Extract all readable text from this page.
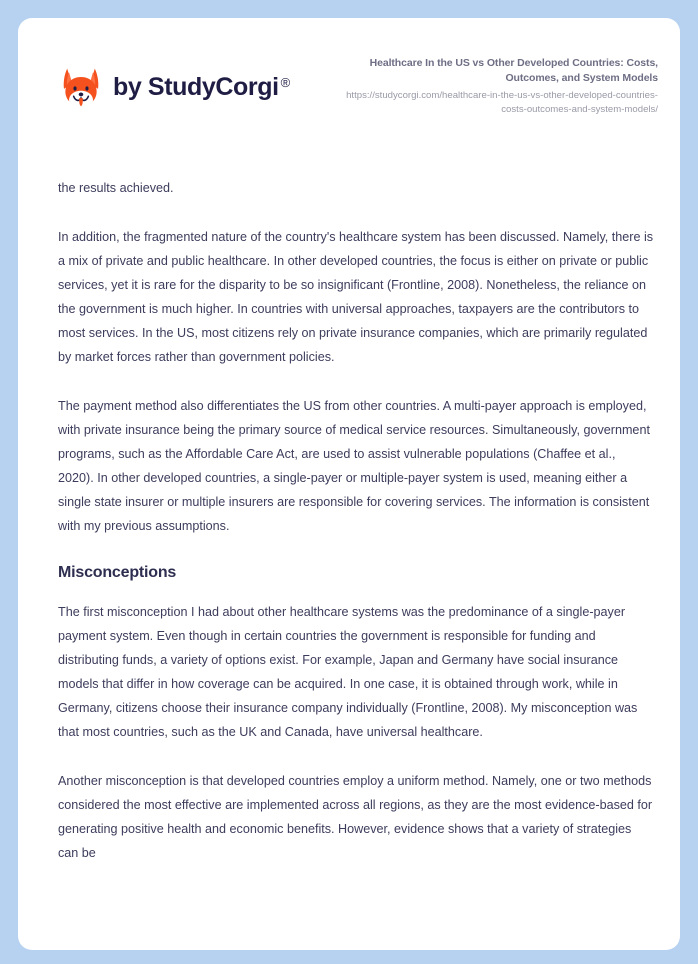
by StudyCorgi ®
Healthcare In the US vs Other Developed Countries: Costs, Outcomes, and System Models
https://studycorgi.com/healthcare-in-the-us-vs-other-developed-countries-costs-outcomes-and-system-models/

the results achieved.

In addition, the fragmented nature of the country's healthcare system has been discussed. Namely, there is a mix of private and public healthcare. In other developed countries, the focus is either on private or public services, yet it is rare for the disparity to be so insignificant (Frontline, 2008). Nonetheless, the reliance on the government is much higher. In countries with universal approaches, taxpayers are the contributors to most services. In the US, most citizens rely on private insurance companies, which are primarily regulated by market forces rather than government policies.

The payment method also differentiates the US from other countries. A multi-payer approach is employed, with private insurance being the primary source of medical service resources. Simultaneously, government programs, such as the Affordable Care Act, are used to assist vulnerable populations (Chaffee et al., 2020). In other developed countries, a single-payer or multiple-payer system is used, meaning either a single state insurer or multiple insurers are responsible for covering services. The information is consistent with my previous assumptions.

Misconceptions

The first misconception I had about other healthcare systems was the predominance of a single-payer payment system. Even though in certain countries the government is responsible for funding and distributing funds, a variety of options exist. For example, Japan and Germany have social insurance models that differ in how coverage can be acquired. In one case, it is obtained through work, while in Germany, citizens choose their insurance company individually (Frontline, 2008). My misconception was that most countries, such as the UK and Canada, have universal healthcare.

Another misconception is that developed countries employ a uniform method. Namely, one or two methods considered the most effective are implemented across all regions, as they are the most evidence-based for generating positive health and economic benefits. However, evidence shows that a variety of strategies can be
